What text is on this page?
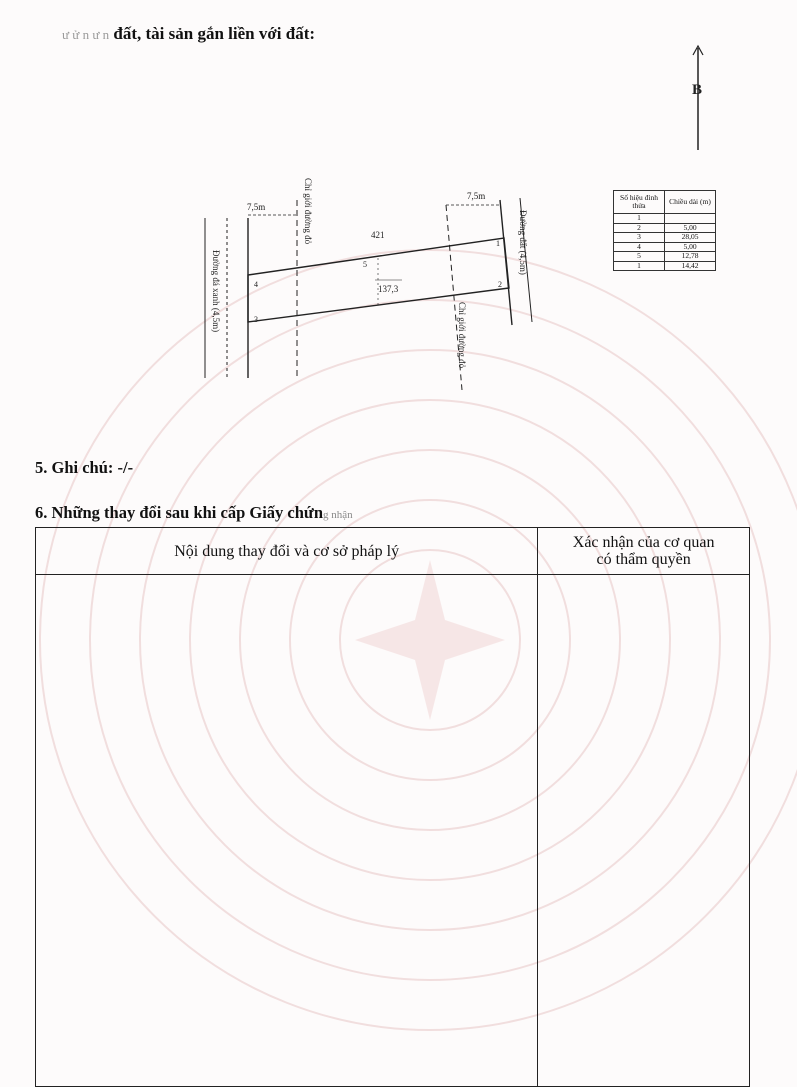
ư ử n ư n đất, tài sản gắn liền với đất:
B
7,5m
Đường đá xanh (4,5m)
Chỉ giới đường đỏ	7,5m
Đường đất (4,5m)
Chỉ giới đường đỏ
421
137,3
1
2
3
4
5
Số hiệu đỉnh thửa	Chiều dài (m)
1	
2	5,00
3	28,05
4	5,00
5	12,78
1	14,42
5. Ghi chú: -/-
6. Những thay đổi sau khi cấp Giấy chứng nhận
Nội dung thay đổi và cơ sở pháp lý	Xác nhận của cơ quan
có thẩm quyền
